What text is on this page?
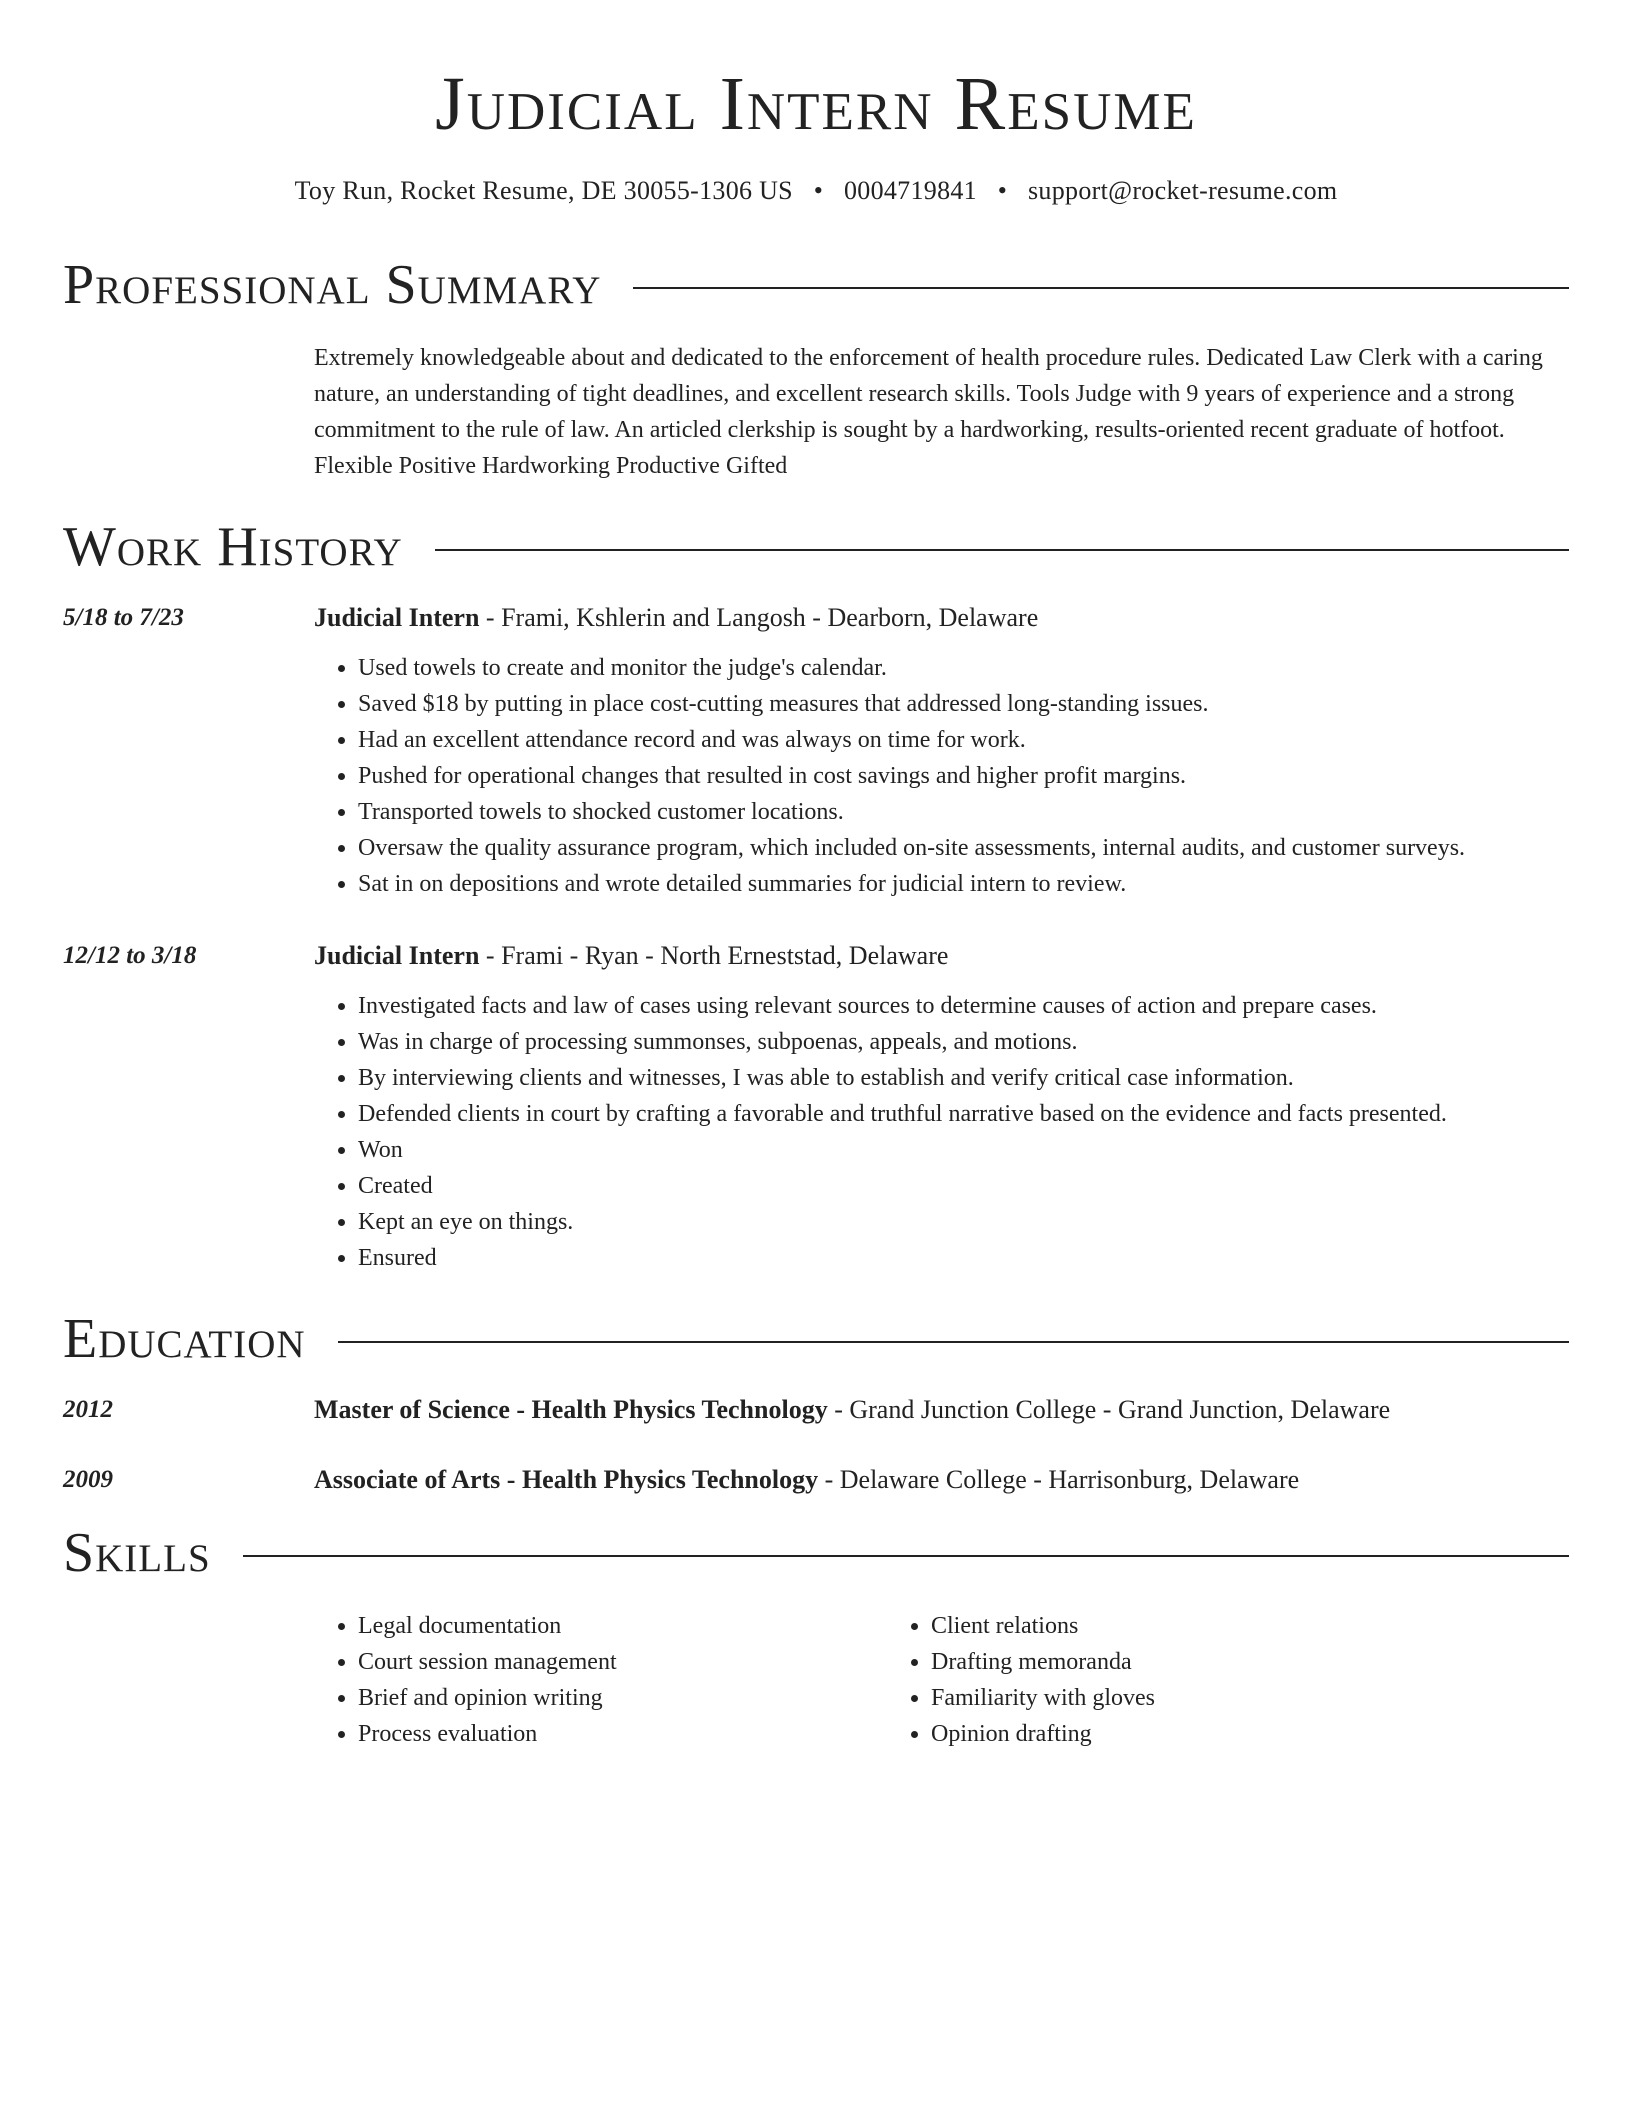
Judicial Intern Resume
Toy Run, Rocket Resume, DE 30055-1306 US • 0004719841 • support@rocket-resume.com
Professional Summary
Extremely knowledgeable about and dedicated to the enforcement of health procedure rules. Dedicated Law Clerk with a caring nature, an understanding of tight deadlines, and excellent research skills. Tools Judge with 9 years of experience and a strong commitment to the rule of law. An articled clerkship is sought by a hardworking, results-oriented recent graduate of hotfoot. Flexible Positive Hardworking Productive Gifted
Work History
5/18 to 7/23	Judicial Intern - Frami, Kshlerin and Langosh - Dearborn, Delaware
• Used towels to create and monitor the judge's calendar.
• Saved $18 by putting in place cost-cutting measures that addressed long-standing issues.
• Had an excellent attendance record and was always on time for work.
• Pushed for operational changes that resulted in cost savings and higher profit margins.
• Transported towels to shocked customer locations.
• Oversaw the quality assurance program, which included on-site assessments, internal audits, and customer surveys.
• Sat in on depositions and wrote detailed summaries for judicial intern to review.
12/12 to 3/18	Judicial Intern - Frami - Ryan - North Erneststad, Delaware
• Investigated facts and law of cases using relevant sources to determine causes of action and prepare cases.
• Was in charge of processing summonses, subpoenas, appeals, and motions.
• By interviewing clients and witnesses, I was able to establish and verify critical case information.
• Defended clients in court by crafting a favorable and truthful narrative based on the evidence and facts presented.
• Won
• Created
• Kept an eye on things.
• Ensured
Education
2012	Master of Science - Health Physics Technology - Grand Junction College - Grand Junction, Delaware
2009	Associate of Arts - Health Physics Technology - Delaware College - Harrisonburg, Delaware
Skills
• Legal documentation
• Court session management
• Brief and opinion writing
• Process evaluation
• Client relations
• Drafting memoranda
• Familiarity with gloves
• Opinion drafting
